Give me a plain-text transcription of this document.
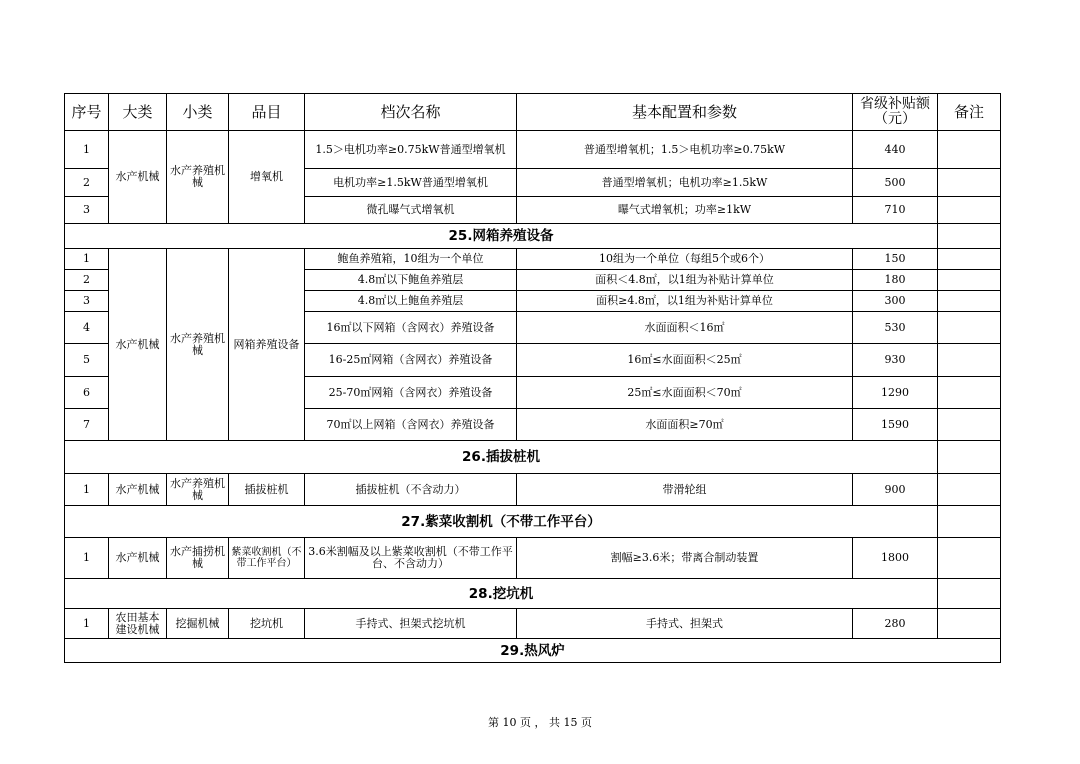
序号	大类	小类	品目	档次名称	基本配置和参数	省级补贴额（元）	备注
1	水产机械	水产养殖机械	增氧机	1.5＞电机功率≥0.75kW普通型增氧机	普通型增氧机；1.5＞电机功率≥0.75kW	440	
2				电机功率≥1.5kW普通型增氧机	普通型增氧机；电机功率≥1.5kW	500	
3				微孔曝气式增氧机	曝气式增氧机；功率≥1kW	710	
25.网箱养殖设备							
1	水产机械	水产养殖机械	网箱养殖设备	鲍鱼养殖箱，10组为一个单位	10组为一个单位（每组5个或6个）	150	
2				4.8㎡以下鲍鱼养殖层	面积＜4.8㎡，以1组为补贴计算单位	180	
3				4.8㎡以上鲍鱼养殖层	面积≥4.8㎡，以1组为补贴计算单位	300	
4				16㎡以下网箱（含网衣）养殖设备	水面面积＜16㎡	530	
5				16-25㎡网箱（含网衣）养殖设备	16㎡≤水面面积＜25㎡	930	
6				25-70㎡网箱（含网衣）养殖设备	25㎡≤水面面积＜70㎡	1290	
7				70㎡以上网箱（含网衣）养殖设备	水面面积≥70㎡	1590	
26.插拔桩机							
1	水产机械	水产养殖机械	插拔桩机	插拔桩机（不含动力）	带滑轮组	900	
27.紫菜收割机（不带工作平台）							
1	水产机械	水产捕捞机械	紫菜收割机（不带工作平台）	3.6米割幅及以上紫菜收割机（不带工作平台、不含动力）	割幅≥3.6米；带离合制动装置	1800	
28.挖坑机							
1	农田基本建设机械	挖掘机械	挖坑机	手持式、担架式挖坑机	手持式、担架式	280	
29.热风炉							
第 10 页 ， 共 15 页
